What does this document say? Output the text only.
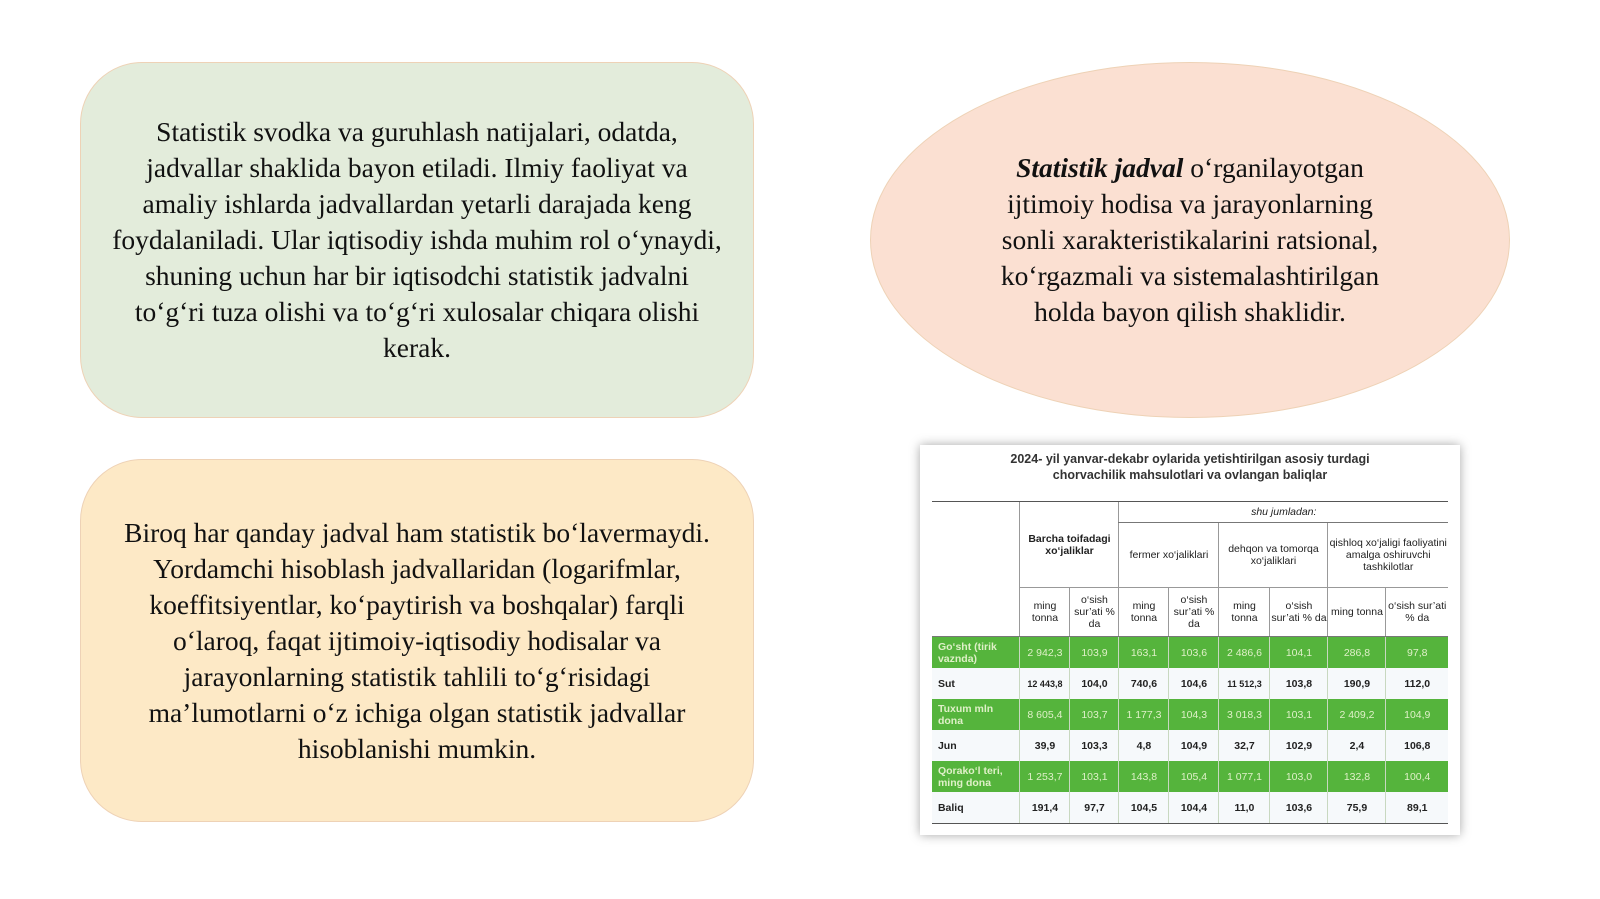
Statistik svodka va guruhlash natijalari, odatda, jadvallar shaklida bayon etiladi. Ilmiy faoliyat va amaliy ishlarda jadvallardan yetarli darajada keng foydalaniladi. Ular iqtisodiy ishda muhim rol o‘ynaydi, shuning uchun har bir iqtisodchi statistik jadvalni to‘g‘ri tuza olishi va to‘g‘ri xulosalar chiqara olishi kerak.
Biroq har qanday jadval ham statistik bo‘lavermaydi. Yordamchi hisoblash jadvallaridan (logarifmlar, koeffitsiyentlar, ko‘paytirish va boshqalar) farqli o‘laroq, faqat ijtimoiy-iqtisodiy hodisalar va jarayonlarning statistik tahlili to‘g‘risidagi ma’lumotlarni o‘z ichiga olgan statistik jadvallar hisoblanishi mumkin.
Statistik jadval o‘rganilayotgan ijtimoiy hodisa va jarayonlarning sonli xarakteristikalarini ratsional, ko‘rgazmali va sistemalashtirilgan holda bayon qilish shaklidir.
2024- yil yanvar-dekabr oylarida yetishtirilgan asosiy turdagi
chorvachilik mahsulotlari va ovlangan baliqlar
	Barcha toifadagi xo‘jaliklar		shu jumladan:					
			fermer xo‘jaliklari		dehqon va tomorqa xo‘jaliklari		qishloq xo‘jaligi faoliyatini amalga oshiruvchi tashkilotlar	
	ming tonna	o‘sish sur’ati % da	ming tonna	o‘sish sur’ati % da	ming tonna	o‘sish sur’ati % da	ming tonna	o‘sish sur’ati % da
Go‘sht (tirik vaznda)	2 942,3	103,9	163,1	103,6	2 486,6	104,1	286,8	97,8
Sut	12 443,8	104,0	740,6	104,6	11 512,3	103,8	190,9	112,0
Tuxum mln dona	8 605,4	103,7	1 177,3	104,3	3 018,3	103,1	2 409,2	104,9
Jun	39,9	103,3	4,8	104,9	32,7	102,9	2,4	106,8
Qorako‘l teri, ming dona	1 253,7	103,1	143,8	105,4	1 077,1	103,0	132,8	100,4
Baliq	191,4	97,7	104,5	104,4	11,0	103,6	75,9	89,1
